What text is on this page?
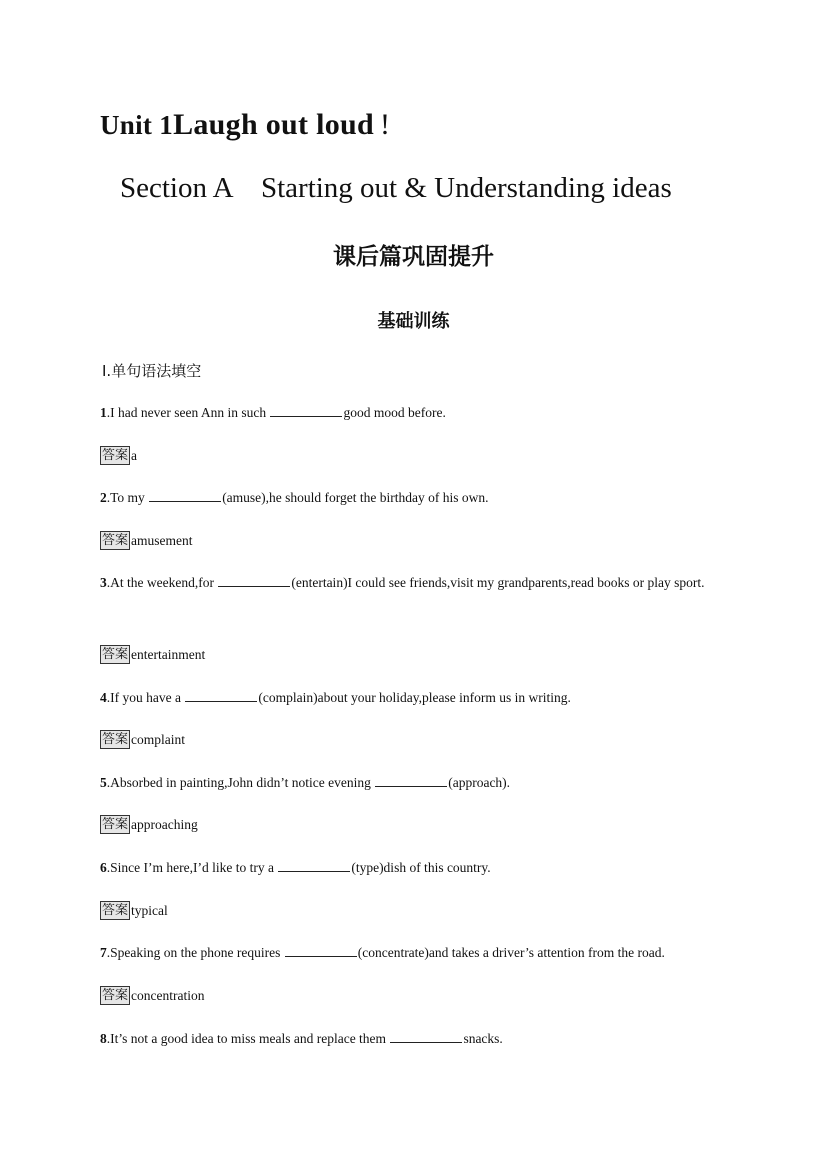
Unit 1Laugh out loud !
Section A    Starting out & Understanding ideas
课后篇巩固提升
基础训练
Ⅰ.单句语法填空
1.I had never seen Ann in such	good mood before.
答案 a
2.To my	(amuse),he should forget the birthday of his own.
答案 amusement
3.At the weekend,for	(entertain)I could see friends,visit my grandparents,read books or play sport.
答案 entertainment
4.If you have a	(complain)about your holiday,please inform us in writing.
答案 complaint
5.Absorbed in painting,John didn’t notice evening	(approach).
答案 approaching
6.Since I’m here,I’d like to try a	(type)dish of this country.
答案 typical
7.Speaking on the phone requires	(concentrate)and takes a driver’s attention from the road.
答案 concentration
8.It’s not a good idea to miss meals and replace them	snacks.
